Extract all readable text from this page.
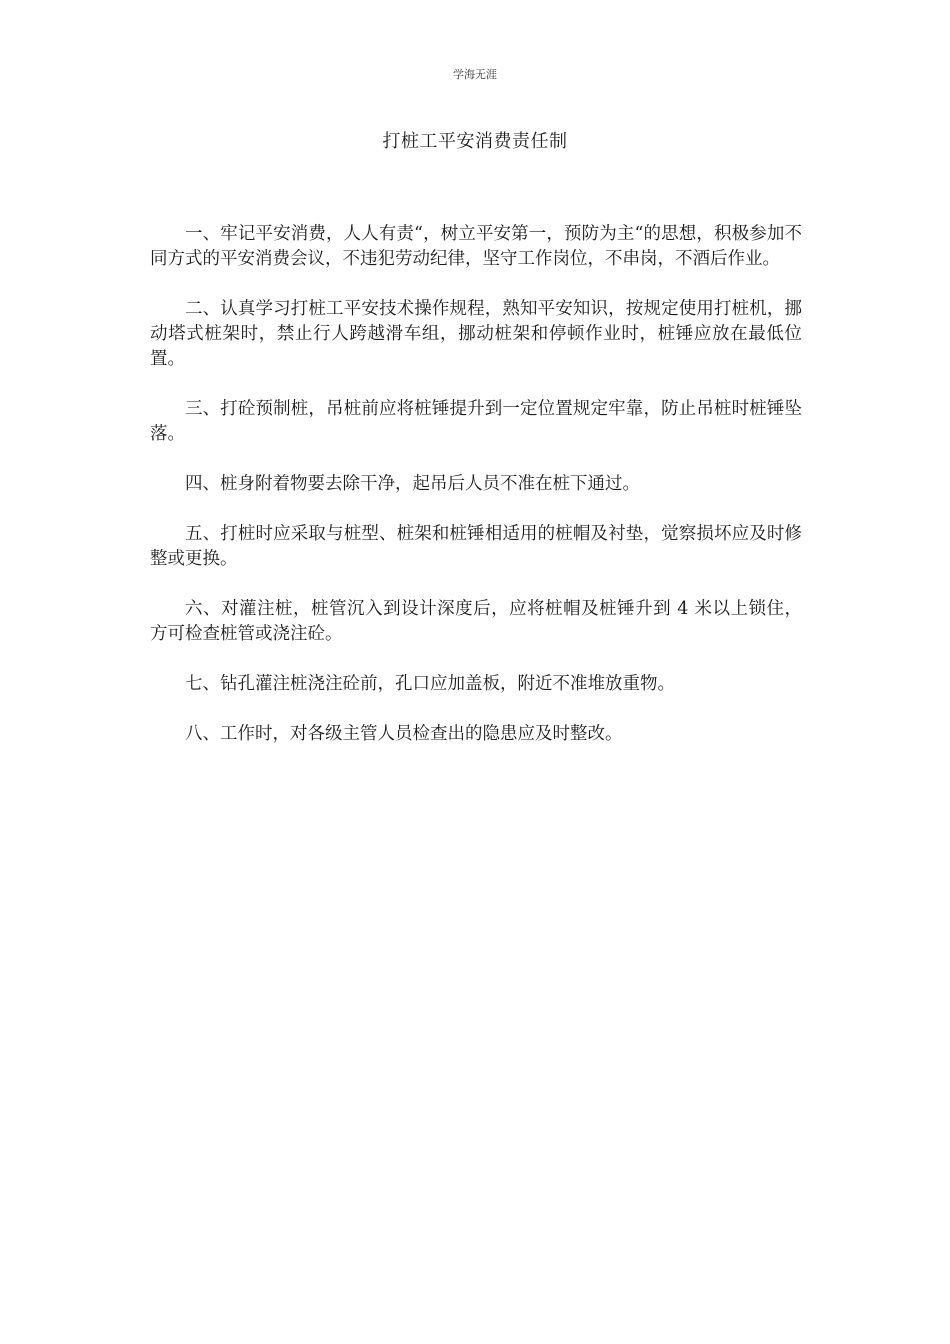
学海无涯
打桩工平安消费责任制

一、牢记平安消费，人人有责“，树立平安第一，预防为主“的思想，积极参加不同方式的平安消费会议，不违犯劳动纪律，坚守工作岗位，不串岗，不酒后作业。

二、认真学习打桩工平安技术操作规程，熟知平安知识，按规定使用打桩机，挪动塔式桩架时，禁止行人跨越滑车组，挪动桩架和停顿作业时，桩锤应放在最低位置。

三、打砼预制桩，吊桩前应将桩锤提升到一定位置规定牢靠，防止吊桩时桩锤坠落。

四、桩身附着物要去除干净，起吊后人员不准在桩下通过。

五、打桩时应采取与桩型、桩架和桩锤相适用的桩帽及衬垫，觉察损坏应及时修整或更换。

六、对灌注桩，桩管沉入到设计深度后，应将桩帽及桩锤升到 4 米以上锁住，方可检查桩管或浇注砼。

七、钻孔灌注桩浇注砼前，孔口应加盖板，附近不准堆放重物。

八、工作时，对各级主管人员检查出的隐患应及时整改。
